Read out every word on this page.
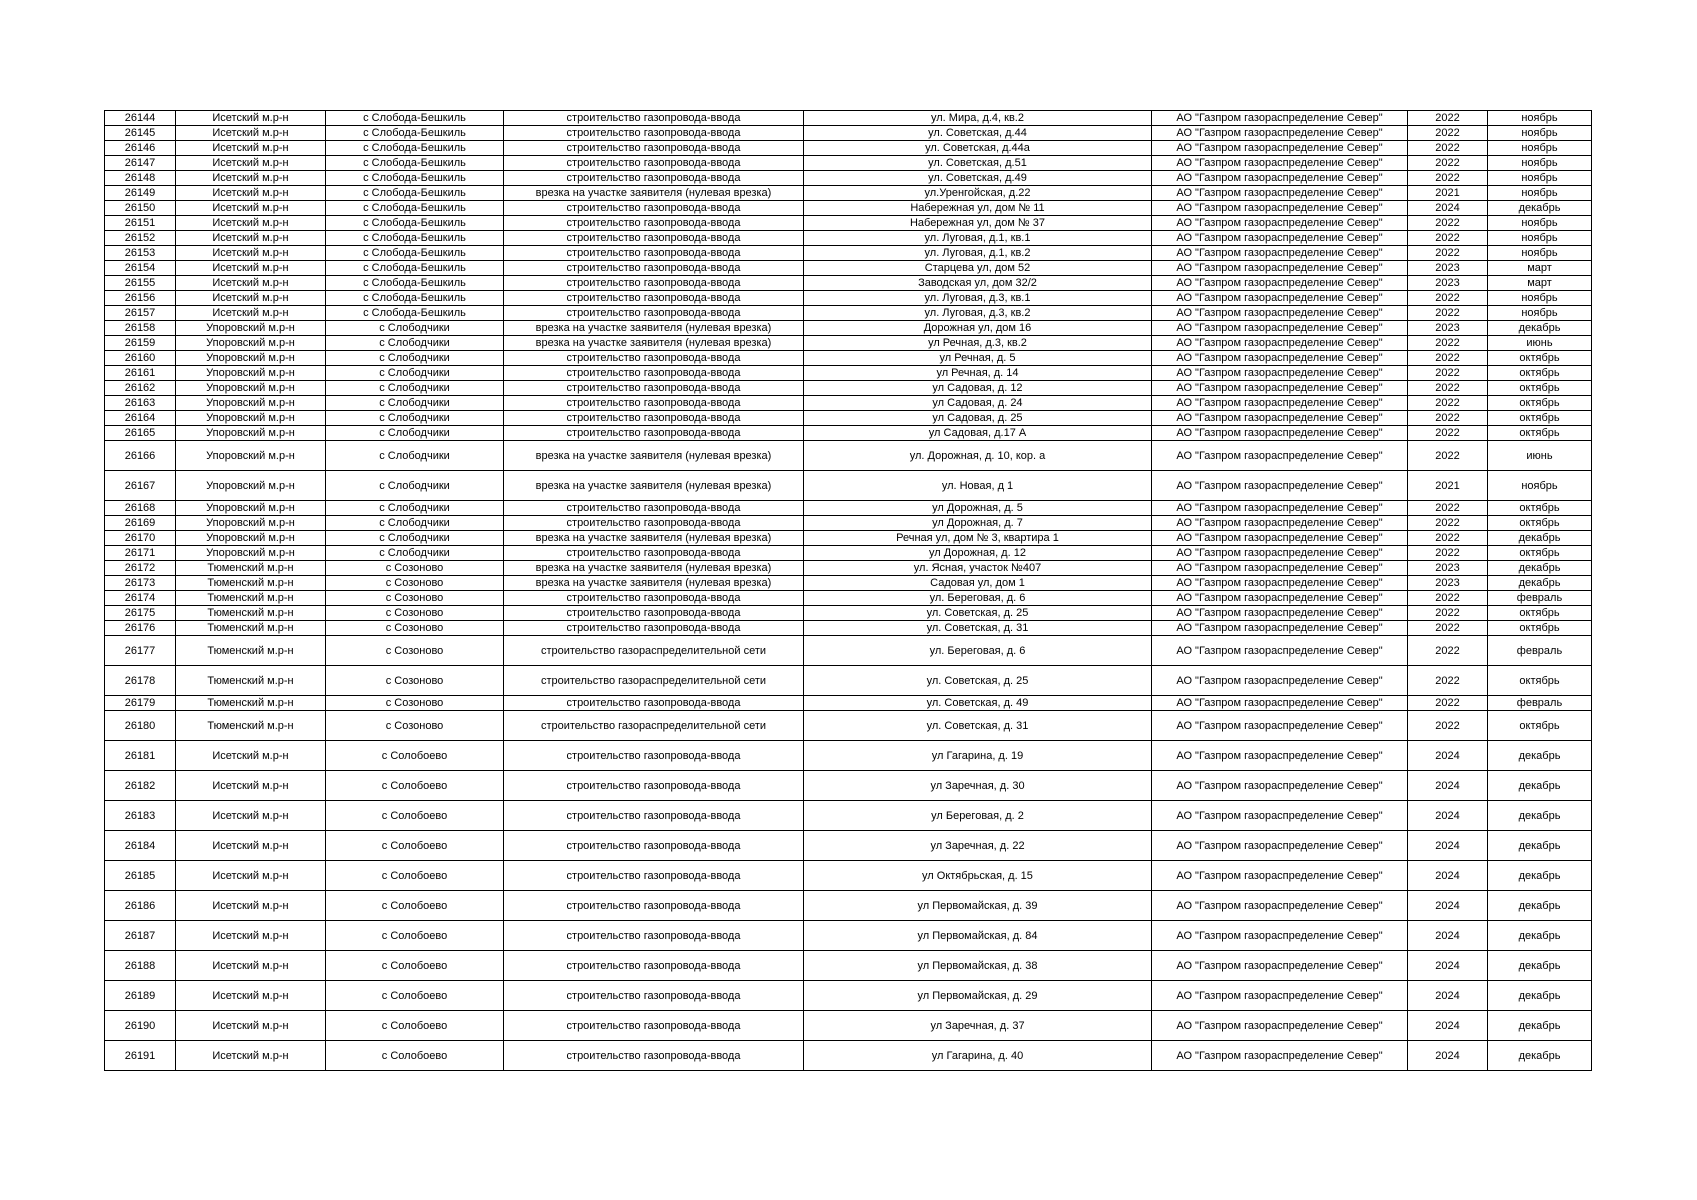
26144	Исетский м.р-н	с Слобода-Бешкиль	строительство газопровода-ввода	ул. Мира, д.4, кв.2	АО "Газпром газораспределение Север"	2022	ноябрь
26145	Исетский м.р-н	с Слобода-Бешкиль	строительство газопровода-ввода	ул. Советская, д.44	АО "Газпром газораспределение Север"	2022	ноябрь
26146	Исетский м.р-н	с Слобода-Бешкиль	строительство газопровода-ввода	ул. Советская, д.44а	АО "Газпром газораспределение Север"	2022	ноябрь
26147	Исетский м.р-н	с Слобода-Бешкиль	строительство газопровода-ввода	ул. Советская, д.51	АО "Газпром газораспределение Север"	2022	ноябрь
26148	Исетский м.р-н	с Слобода-Бешкиль	строительство газопровода-ввода	ул. Советская, д.49	АО "Газпром газораспределение Север"	2022	ноябрь
26149	Исетский м.р-н	с Слобода-Бешкиль	врезка на участке заявителя (нулевая врезка)	ул.Уренгойская, д.22	АО "Газпром газораспределение Север"	2021	ноябрь
26150	Исетский м.р-н	с Слобода-Бешкиль	строительство газопровода-ввода	Набережная ул, дом № 11	АО "Газпром газораспределение Север"	2024	декабрь
26151	Исетский м.р-н	с Слобода-Бешкиль	строительство газопровода-ввода	Набережная ул, дом № 37	АО "Газпром газораспределение Север"	2022	ноябрь
26152	Исетский м.р-н	с Слобода-Бешкиль	строительство газопровода-ввода	ул. Луговая, д.1, кв.1	АО "Газпром газораспределение Север"	2022	ноябрь
26153	Исетский м.р-н	с Слобода-Бешкиль	строительство газопровода-ввода	ул. Луговая, д.1, кв.2	АО "Газпром газораспределение Север"	2022	ноябрь
26154	Исетский м.р-н	с Слобода-Бешкиль	строительство газопровода-ввода	Старцева ул, дом 52	АО "Газпром газораспределение Север"	2023	март
26155	Исетский м.р-н	с Слобода-Бешкиль	строительство газопровода-ввода	Заводская ул, дом 32/2	АО "Газпром газораспределение Север"	2023	март
26156	Исетский м.р-н	с Слобода-Бешкиль	строительство газопровода-ввода	ул. Луговая, д.3, кв.1	АО "Газпром газораспределение Север"	2022	ноябрь
26157	Исетский м.р-н	с Слобода-Бешкиль	строительство газопровода-ввода	ул. Луговая, д.3, кв.2	АО "Газпром газораспределение Север"	2022	ноябрь
26158	Упоровский м.р-н	с Слободчики	врезка на участке заявителя (нулевая врезка)	Дорожная ул, дом 16	АО "Газпром газораспределение Север"	2023	декабрь
26159	Упоровский м.р-н	с Слободчики	врезка на участке заявителя (нулевая врезка)	ул Речная, д.3, кв.2	АО "Газпром газораспределение Север"	2022	июнь
26160	Упоровский м.р-н	с Слободчики	строительство газопровода-ввода	ул Речная, д. 5	АО "Газпром газораспределение Север"	2022	октябрь
26161	Упоровский м.р-н	с Слободчики	строительство газопровода-ввода	ул Речная, д. 14	АО "Газпром газораспределение Север"	2022	октябрь
26162	Упоровский м.р-н	с Слободчики	строительство газопровода-ввода	ул Садовая, д. 12	АО "Газпром газораспределение Север"	2022	октябрь
26163	Упоровский м.р-н	с Слободчики	строительство газопровода-ввода	ул Садовая, д. 24	АО "Газпром газораспределение Север"	2022	октябрь
26164	Упоровский м.р-н	с Слободчики	строительство газопровода-ввода	ул Садовая, д. 25	АО "Газпром газораспределение Север"	2022	октябрь
26165	Упоровский м.р-н	с Слободчики	строительство газопровода-ввода	ул Садовая, д.17 А	АО "Газпром газораспределение Север"	2022	октябрь
26166	Упоровский м.р-н	с Слободчики	врезка на участке заявителя (нулевая врезка)	ул. Дорожная, д. 10, кор. а	АО "Газпром газораспределение Север"	2022	июнь
26167	Упоровский м.р-н	с Слободчики	врезка на участке заявителя (нулевая врезка)	ул. Новая, д 1	АО "Газпром газораспределение Север"	2021	ноябрь
26168	Упоровский м.р-н	с Слободчики	строительство газопровода-ввода	ул Дорожная, д. 5	АО "Газпром газораспределение Север"	2022	октябрь
26169	Упоровский м.р-н	с Слободчики	строительство газопровода-ввода	ул Дорожная, д. 7	АО "Газпром газораспределение Север"	2022	октябрь
26170	Упоровский м.р-н	с Слободчики	врезка на участке заявителя (нулевая врезка)	Речная ул, дом № 3, квартира 1	АО "Газпром газораспределение Север"	2022	декабрь
26171	Упоровский м.р-н	с Слободчики	строительство газопровода-ввода	ул Дорожная, д. 12	АО "Газпром газораспределение Север"	2022	октябрь
26172	Тюменский м.р-н	с Созоново	врезка на участке заявителя (нулевая врезка)	ул. Ясная, участок №407	АО "Газпром газораспределение Север"	2023	декабрь
26173	Тюменский м.р-н	с Созоново	врезка на участке заявителя (нулевая врезка)	Садовая ул, дом 1	АО "Газпром газораспределение Север"	2023	декабрь
26174	Тюменский м.р-н	с Созоново	строительство газопровода-ввода	ул. Береговая, д. 6	АО "Газпром газораспределение Север"	2022	февраль
26175	Тюменский м.р-н	с Созоново	строительство газопровода-ввода	ул. Советская, д. 25	АО "Газпром газораспределение Север"	2022	октябрь
26176	Тюменский м.р-н	с Созоново	строительство газопровода-ввода	ул. Советская, д. 31	АО "Газпром газораспределение Север"	2022	октябрь
26177	Тюменский м.р-н	с Созоново	строительство газораспределительной сети	ул. Береговая, д. 6	АО "Газпром газораспределение Север"	2022	февраль
26178	Тюменский м.р-н	с Созоново	строительство газораспределительной сети	ул. Советская, д. 25	АО "Газпром газораспределение Север"	2022	октябрь
26179	Тюменский м.р-н	с Созоново	строительство газопровода-ввода	ул. Советская, д. 49	АО "Газпром газораспределение Север"	2022	февраль
26180	Тюменский м.р-н	с Созоново	строительство газораспределительной сети	ул. Советская, д. 31	АО "Газпром газораспределение Север"	2022	октябрь
26181	Исетский м.р-н	с Солобоево	строительство газопровода-ввода	ул Гагарина, д. 19	АО "Газпром газораспределение Север"	2024	декабрь
26182	Исетский м.р-н	с Солобоево	строительство газопровода-ввода	ул Заречная, д. 30	АО "Газпром газораспределение Север"	2024	декабрь
26183	Исетский м.р-н	с Солобоево	строительство газопровода-ввода	ул Береговая, д. 2	АО "Газпром газораспределение Север"	2024	декабрь
26184	Исетский м.р-н	с Солобоево	строительство газопровода-ввода	ул Заречная, д. 22	АО "Газпром газораспределение Север"	2024	декабрь
26185	Исетский м.р-н	с Солобоево	строительство газопровода-ввода	ул Октябрьская, д. 15	АО "Газпром газораспределение Север"	2024	декабрь
26186	Исетский м.р-н	с Солобоево	строительство газопровода-ввода	ул Первомайская, д. 39	АО "Газпром газораспределение Север"	2024	декабрь
26187	Исетский м.р-н	с Солобоево	строительство газопровода-ввода	ул Первомайская, д. 84	АО "Газпром газораспределение Север"	2024	декабрь
26188	Исетский м.р-н	с Солобоево	строительство газопровода-ввода	ул Первомайская, д. 38	АО "Газпром газораспределение Север"	2024	декабрь
26189	Исетский м.р-н	с Солобоево	строительство газопровода-ввода	ул Первомайская, д. 29	АО "Газпром газораспределение Север"	2024	декабрь
26190	Исетский м.р-н	с Солобоево	строительство газопровода-ввода	ул Заречная, д. 37	АО "Газпром газораспределение Север"	2024	декабрь
26191	Исетский м.р-н	с Солобоево	строительство газопровода-ввода	ул Гагарина, д. 40	АО "Газпром газораспределение Север"	2024	декабрь
